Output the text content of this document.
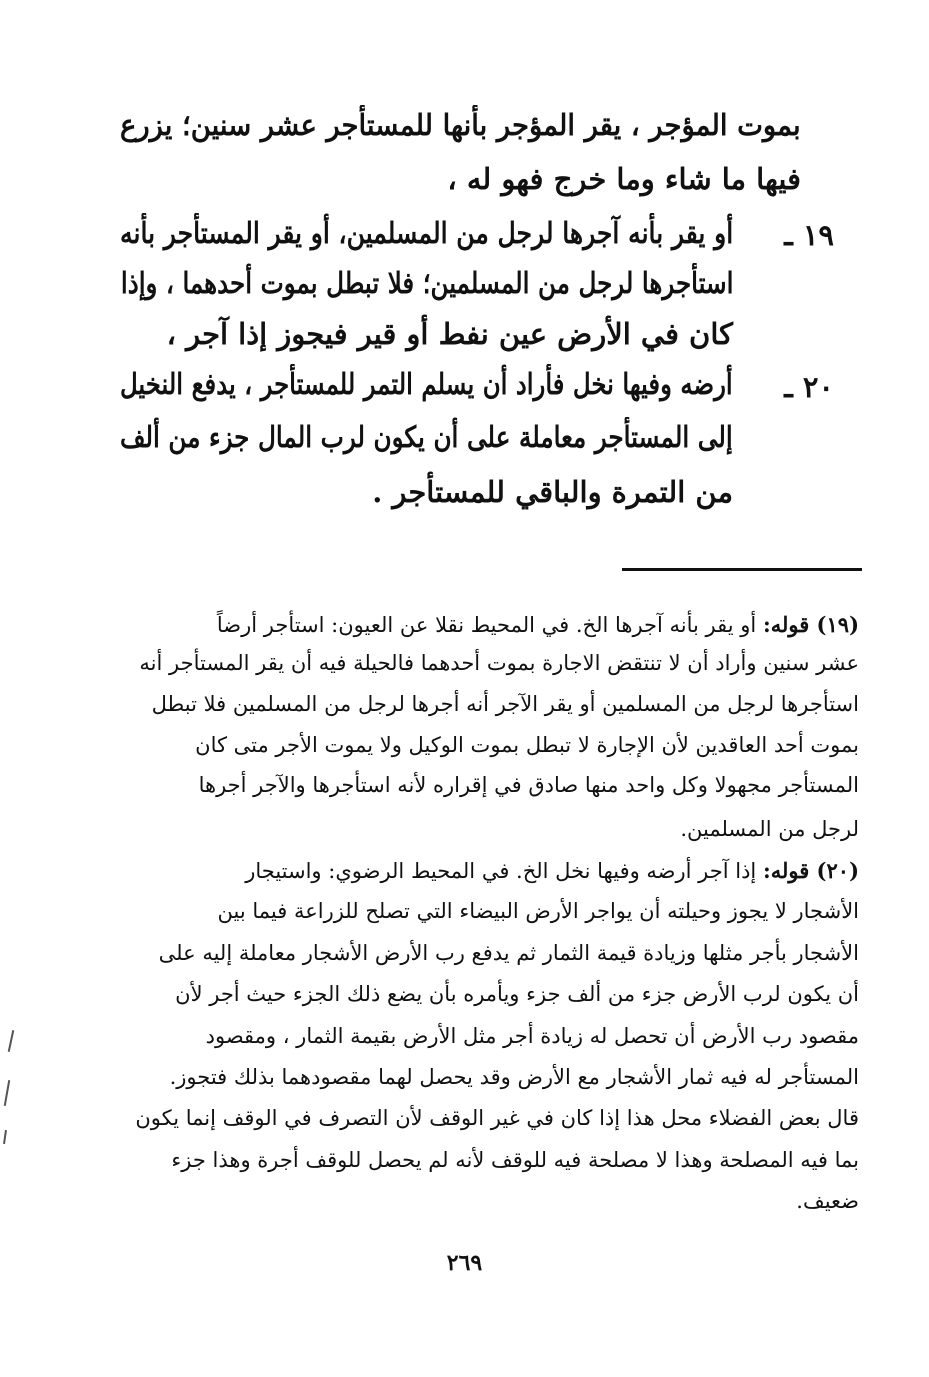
بموت المؤجر ، يقر المؤجر بأنها للمستأجر عشر سنين؛ يزرع
فيها ما شاء وما خرج فهو له ،
١٩ ـ
أو يقر بأنه آجرها لرجل من المسلمين، أو يقر المستأجر بأنه
استأجرها لرجل من المسلمين؛ فلا تبطل بموت أحدهما ، وإذا
كان في الأرض عين نفط أو قير فيجوز إذا آجر ،
٢٠ ـ
أرضه وفيها نخل فأراد أن يسلم التمر للمستأجر ، يدفع النخيل
إلى المستأجر معاملة على أن يكون لرب المال جزء من ألف
من التمرة والباقي للمستأجر .
(١٩) قوله: أو يقر بأنه آجرها الخ. في المحيط نقلا عن العيون: استأجر أرضاً
عشر سنين وأراد أن لا تنتقض الاجارة بموت أحدهما فالحيلة فيه أن يقر المستأجر أنه
استأجرها لرجل من المسلمين أو يقر الآجر أنه أجرها لرجل من المسلمين فلا تبطل
بموت أحد العاقدين لأن الإجارة لا تبطل بموت الوكيل ولا يموت الأجر متى كان
المستأجر مجهولا وكل واحد منها صادق في إقراره لأنه استأجرها والآجر أجرها
لرجل من المسلمين.
(٢٠) قوله: إذا آجر أرضه وفيها نخل الخ. في المحيط الرضوي: واستيجار
الأشجار لا يجوز وحيلته أن يواجر الأرض البيضاء التي تصلح للزراعة فيما بين
الأشجار بأجر مثلها وزيادة قيمة الثمار ثم يدفع رب الأرض الأشجار معاملة إليه على
أن يكون لرب الأرض جزء من ألف جزء ويأمره بأن يضع ذلك الجزء حيث أجر لأن
مقصود رب الأرض أن تحصل له زيادة أجر مثل الأرض بقيمة الثمار ، ومقصود
المستأجر له فيه ثمار الأشجار مع الأرض وقد يحصل لهما مقصودهما بذلك فتجوز.
قال بعض الفضلاء محل هذا إذا كان في غير الوقف لأن التصرف في الوقف إنما يكون
بما فيه المصلحة وهذا لا مصلحة فيه للوقف لأنه لم يحصل للوقف أجرة وهذا جزء
ضعيف.
٢٦٩
